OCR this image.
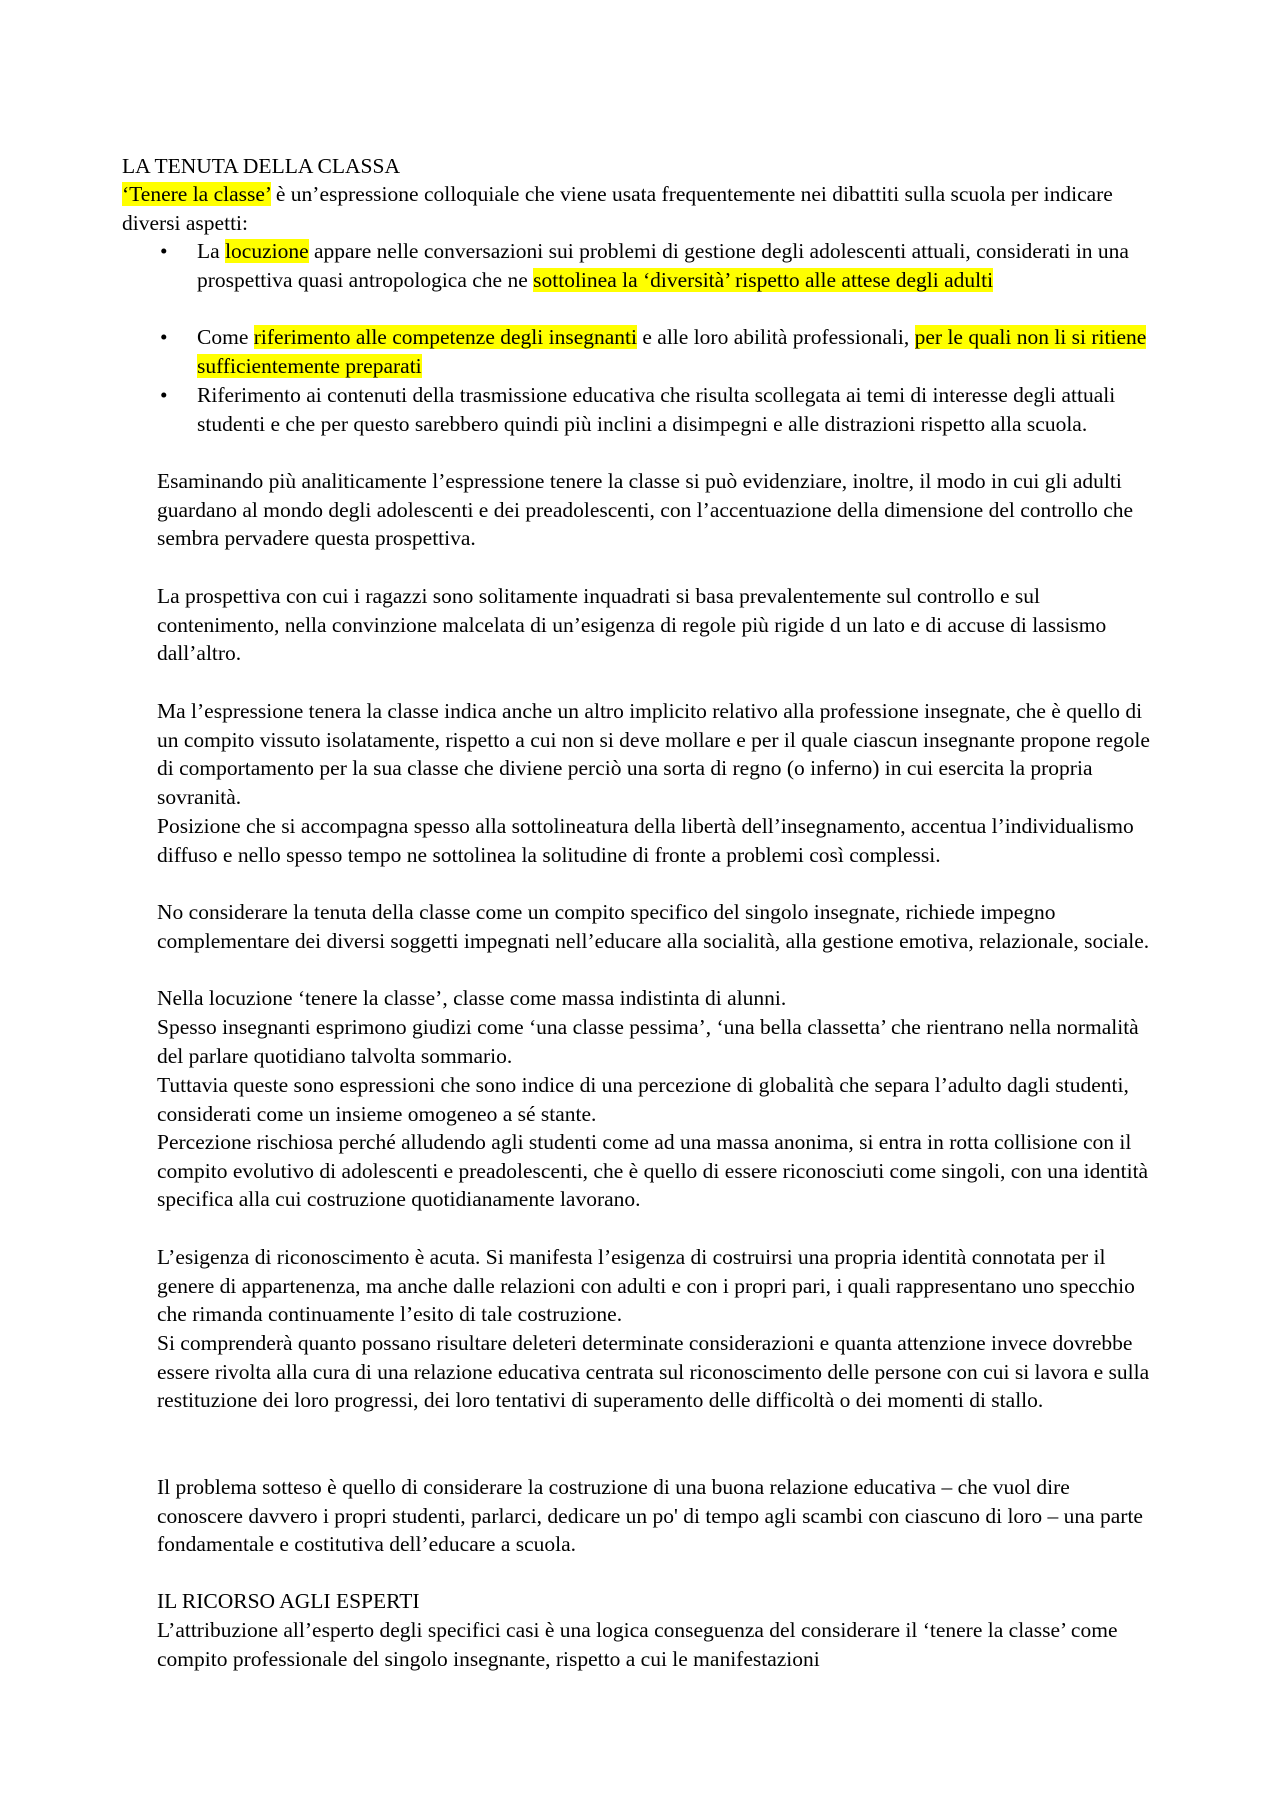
LA TENUTA DELLA CLASSA
‘Tenere la classe’ è un’espressione colloquiale che viene usata frequentemente nei dibattiti sulla scuola per indicare diversi aspetti:
• La locuzione appare nelle conversazioni sui problemi di gestione degli adolescenti attuali, considerati in una prospettiva quasi antropologica che ne sottolinea la ‘diversità’ rispetto alle attese degli adulti
• Come riferimento alle competenze degli insegnanti e alle loro abilità professionali, per le quali non li si ritiene sufficientemente preparati
• Riferimento ai contenuti della trasmissione educativa che risulta scollegata ai temi di interesse degli attuali studenti e che per questo sarebbero quindi più inclini a disimpegni e alle distrazioni rispetto alla scuola.

Esaminando più analiticamente l’espressione tenere la classe si può evidenziare, inoltre, il modo in cui gli adulti guardano al mondo degli adolescenti e dei preadolescenti, con l’accentuazione della dimensione del controllo che sembra pervadere questa prospettiva.

La prospettiva con cui i ragazzi sono solitamente inquadrati si basa prevalentemente sul controllo e sul contenimento, nella convinzione malcelata di un’esigenza di regole più rigide d un lato e di accuse di lassismo dall’altro.

Ma l’espressione tenera la classe indica anche un altro implicito relativo alla professione insegnate, che è quello di un compito vissuto isolatamente, rispetto a cui non si deve mollare e per il quale ciascun insegnante propone regole di comportamento per la sua classe che diviene perciò una sorta di regno (o inferno) in cui esercita la propria sovranità.

Posizione che si accompagna spesso alla sottolineatura della libertà dell’insegnamento, accentua l’individualismo diffuso e nello spesso tempo ne sottolinea la solitudine di fronte a problemi così complessi.

No considerare la tenuta della classe come un compito specifico del singolo insegnate, richiede impegno complementare dei diversi soggetti impegnati nell’educare alla socialità, alla gestione emotiva, relazionale, sociale.

Nella locuzione ‘tenere la classe’, classe come massa indistinta di alunni.

Spesso insegnanti esprimono giudizi come ‘una classe pessima’, ‘una bella classetta’ che rientrano nella normalità del parlare quotidiano talvolta sommario.

Tuttavia queste sono espressioni che sono indice di una percezione di globalità che separa l’adulto dagli studenti, considerati come un insieme omogeneo a sé stante.

Percezione rischiosa perché alludendo agli studenti come ad una massa anonima, si entra in rotta collisione con il compito evolutivo di adolescenti e preadolescenti, che è quello di essere riconosciuti come singoli, con una identità specifica alla cui costruzione quotidianamente lavorano.

L’esigenza di riconoscimento è acuta. Si manifesta l’esigenza di costruirsi una propria identità connotata per il genere di appartenenza, ma anche dalle relazioni con adulti e con i propri pari, i quali rappresentano uno specchio che rimanda continuamente l’esito di tale costruzione.

Si comprenderà quanto possano risultare deleteri determinate considerazioni e quanta attenzione invece dovrebbe essere rivolta alla cura di una relazione educativa centrata sul riconoscimento delle persone con cui si lavora e sulla restituzione dei loro progressi, dei loro tentativi di superamento delle difficoltà o dei momenti di stallo.

Il problema sotteso è quello di considerare la costruzione di una buona relazione educativa – che vuol dire conoscere davvero i propri studenti, parlarci, dedicare un po' di tempo agli scambi con ciascuno di loro – una parte fondamentale e costitutiva dell’educare a scuola.

IL RICORSO AGLI ESPERTI

L’attribuzione all’esperto degli specifici casi è una logica conseguenza del considerare il ‘tenere la classe’ come compito professionale del singolo insegnante, rispetto a cui le manifestazioni
